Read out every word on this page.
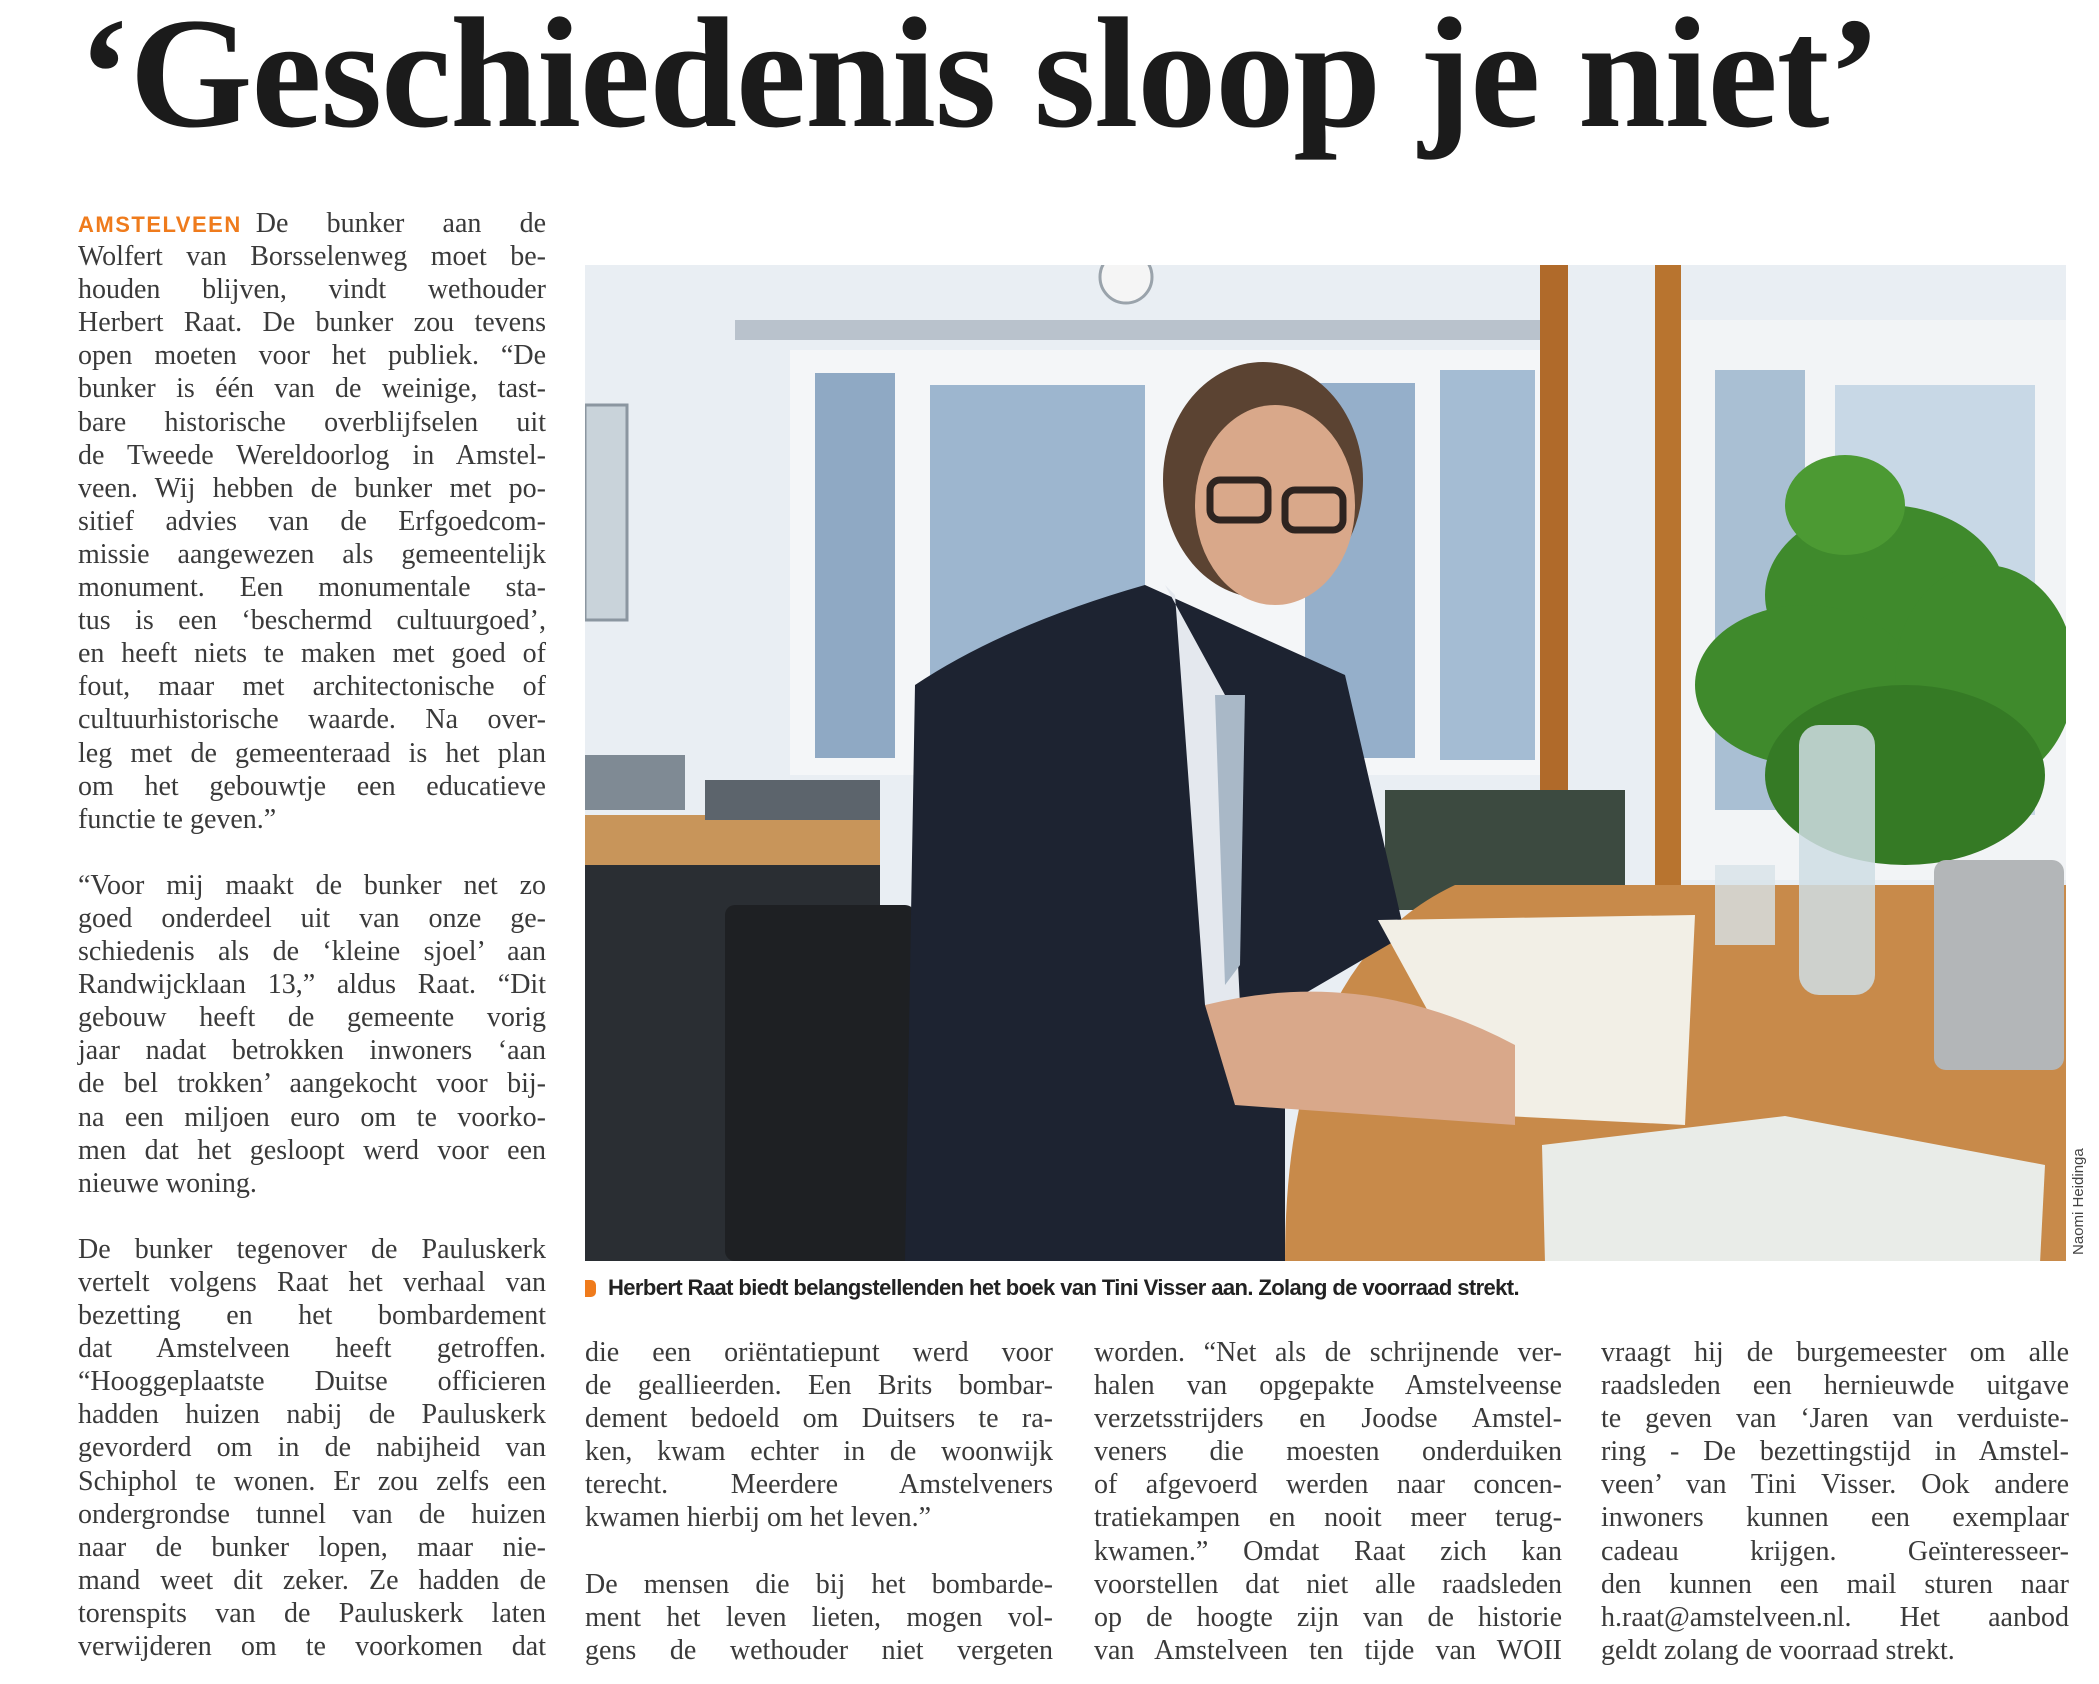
‘Geschiedenis sloop je niet’
AMSTELVEEN De bunker aan de
Wolfert van Borsselenweg moet be-
houden blijven, vindt wethouder
Herbert Raat. De bunker zou tevens
open moeten voor het publiek. “De
bunker is één van de weinige, tast-
bare historische overblijfselen uit
de Tweede Wereldoorlog in Amstel-
veen. Wij hebben de bunker met po-
sitief advies van de Erfgoedcom-
missie aangewezen als gemeentelijk
monument. Een monumentale sta-
tus is een ‘beschermd cultuurgoed’,
en heeft niets te maken met goed of
fout, maar met architectonische of
cultuurhistorische waarde. Na over-
leg met de gemeenteraad is het plan
om het gebouwtje een educatieve
functie te geven.”
“Voor mij maakt de bunker net zo
goed onderdeel uit van onze ge-
schiedenis als de ‘kleine sjoel’ aan
Randwijcklaan 13,” aldus Raat. “Dit
gebouw heeft de gemeente vorig
jaar nadat betrokken inwoners ‘aan
de bel trokken’ aangekocht voor bij-
na een miljoen euro om te voorko-
men dat het gesloopt werd voor een
nieuwe woning.
De bunker tegenover de Pauluskerk
vertelt volgens Raat het verhaal van
bezetting en het bombardement
dat Amstelveen heeft getroffen.
“Hooggeplaatste Duitse officieren
hadden huizen nabij de Pauluskerk
gevorderd om in de nabijheid van
Schiphol te wonen. Er zou zelfs een
ondergrondse tunnel van de huizen
naar de bunker lopen, maar nie-
mand weet dit zeker. Ze hadden de
torenspits van de Pauluskerk laten
verwijderen om te voorkomen dat
die een oriëntatiepunt werd voor
de geallieerden. Een Brits bombar-
dement bedoeld om Duitsers te ra-
ken, kwam echter in de woonwijk
terecht. Meerdere Amstelveners
kwamen hierbij om het leven.”
De mensen die bij het bombarde-
ment het leven lieten, mogen vol-
gens de wethouder niet vergeten
worden. “Net als de schrijnende ver-
halen van opgepakte Amstelveense
verzetsstrijders en Joodse Amstel-
veners die moesten onderduiken
of afgevoerd werden naar concen-
tratiekampen en nooit meer terug-
kwamen.” Omdat Raat zich kan
voorstellen dat niet alle raadsleden
op de hoogte zijn van de historie
van Amstelveen ten tijde van WOII
vraagt hij de burgemeester om alle
raadsleden een hernieuwde uitgave
te geven van ‘Jaren van verduiste-
ring - De bezettingstijd in Amstel-
veen’ van Tini Visser. Ook andere
inwoners kunnen een exemplaar
cadeau krijgen. Geïnteresseer-
den kunnen een mail sturen naar
h.raat@amstelveen.nl. Het aanbod
geldt zolang de voorraad strekt.
Naomi Heidinga
Herbert Raat biedt belangstellenden het boek van Tini Visser aan. Zolang de voorraad strekt.
